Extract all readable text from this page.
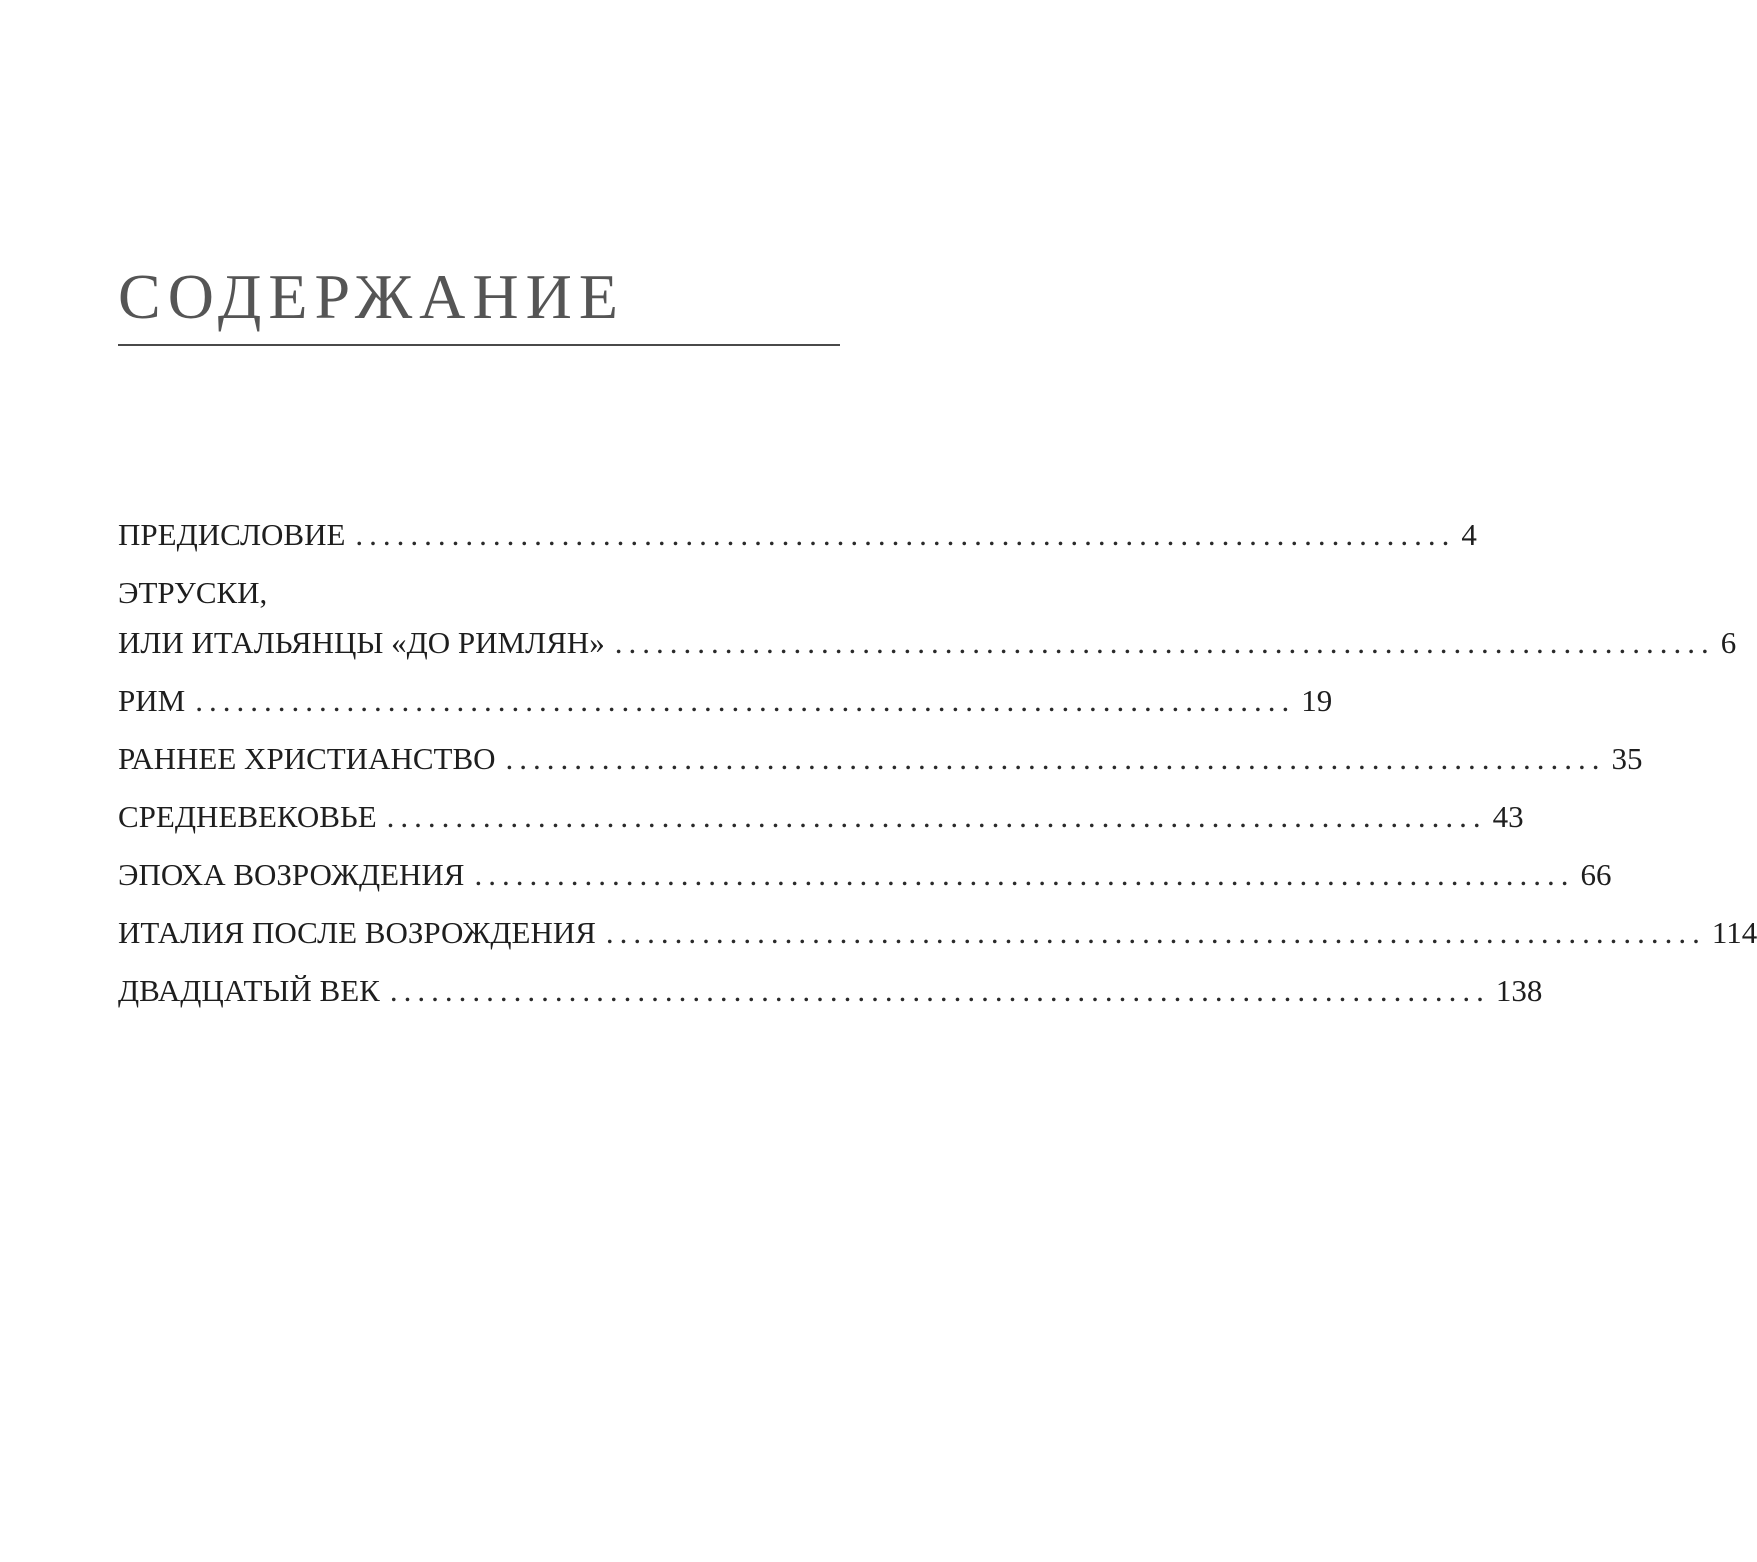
СОДЕРЖАНИЕ
ПРЕДИСЛОВИЕ ................................................................................ 4
ЭТРУСКИ,
ИЛИ ИТАЛЬЯНЦЫ «ДО РИМЛЯН» ................................................................................ 6
РИМ ................................................................................ 19
РАННЕЕ ХРИСТИАНСТВО ................................................................................ 35
СРЕДНЕВЕКОВЬЕ ................................................................................ 43
ЭПОХА ВОЗРОЖДЕНИЯ ................................................................................ 66
ИТАЛИЯ ПОСЛЕ ВОЗРОЖДЕНИЯ ................................................................................ 114
ДВАДЦАТЫЙ ВЕК ................................................................................ 138
